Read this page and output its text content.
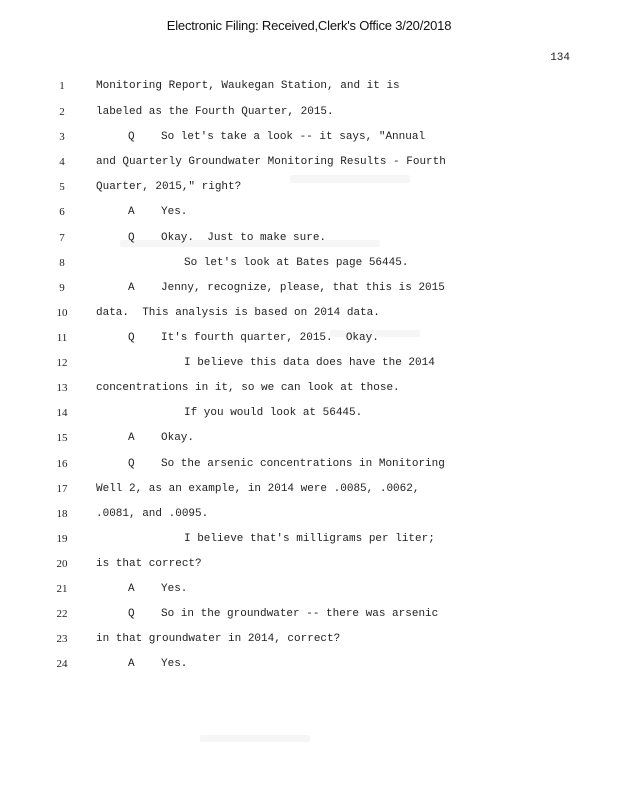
Electronic Filing: Received,Clerk's Office 3/20/2018
134
1	Monitoring Report, Waukegan Station, and it is
2	labeled as the Fourth Quarter, 2015.
3	Q    So let's take a look -- it says, "Annual
4	and Quarterly Groundwater Monitoring Results - Fourth
5	Quarter, 2015," right?
6	A    Yes.
7	Q    Okay.  Just to make sure.
8	So let's look at Bates page 56445.
9	A    Jenny, recognize, please, that this is 2015
10	data.  This analysis is based on 2014 data.
11	Q    It's fourth quarter, 2015.  Okay.
12	I believe this data does have the 2014
13	concentrations in it, so we can look at those.
14	If you would look at 56445.
15	A    Okay.
16	Q    So the arsenic concentrations in Monitoring
17	Well 2, as an example, in 2014 were .0085, .0062,
18	.0081, and .0095.
19	I believe that's milligrams per liter;
20	is that correct?
21	A    Yes.
22	Q    So in the groundwater -- there was arsenic
23	in that groundwater in 2014, correct?
24	A    Yes.
